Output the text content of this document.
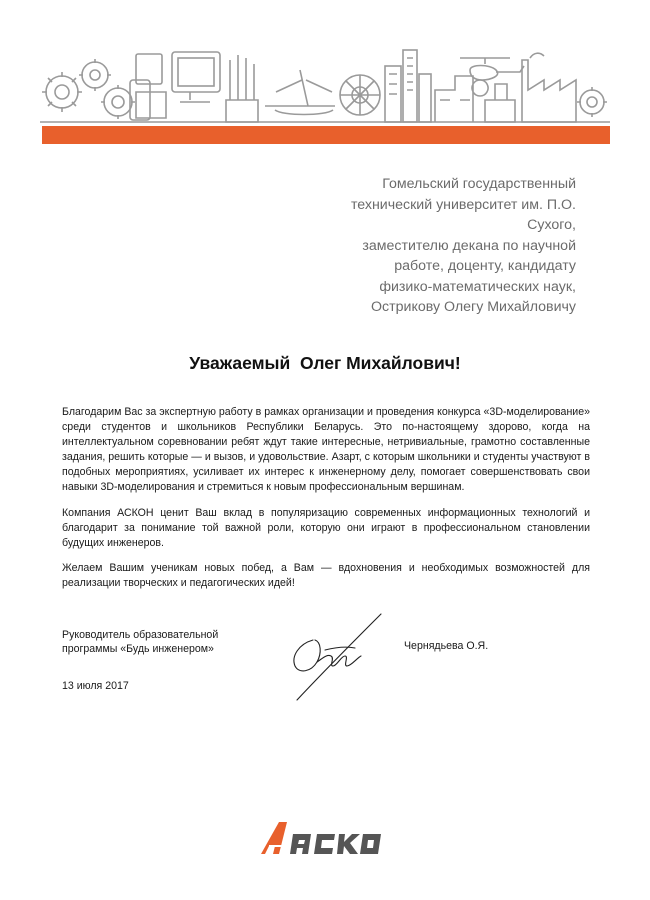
Гомельский государственный
технический университет им. П.О.
Сухого,
заместителю декана по научной
работе, доценту, кандидату
физико-математических наук,
Острикову Олегу Михайловичу
Уважаемый  Олег Михайлович!

Благодарим Вас за экспертную работу в рамках организации и проведения конкурса «3D-моделирование» среди студентов и школьников Республики Беларусь. Это по-настоящему здорово, когда на интеллектуальном соревновании ребят ждут такие интересные, нетривиальные, грамотно составленные задания, решить которые — и вызов, и удовольствие. Азарт, с которым школьники и студенты участвуют в подобных мероприятиях, усиливает их интерес к инженерному делу, помогает совершенствовать свои навыки 3D-моделирования и стремиться к новым профессиональным вершинам.

Компания АСКОН ценит Ваш вклад в популяризацию современных информационных технологий и благодарит за понимание той важной роли, которую они играют в профессиональном становлении будущих инженеров.

Желаем Вашим ученикам новых побед, а Вам — вдохновения и необходимых возможностей для реализации творческих и педагогических идей!

Руководитель образовательной
программы «Будь инженером»	Чернядьева О.Я.
13 июля 2017
